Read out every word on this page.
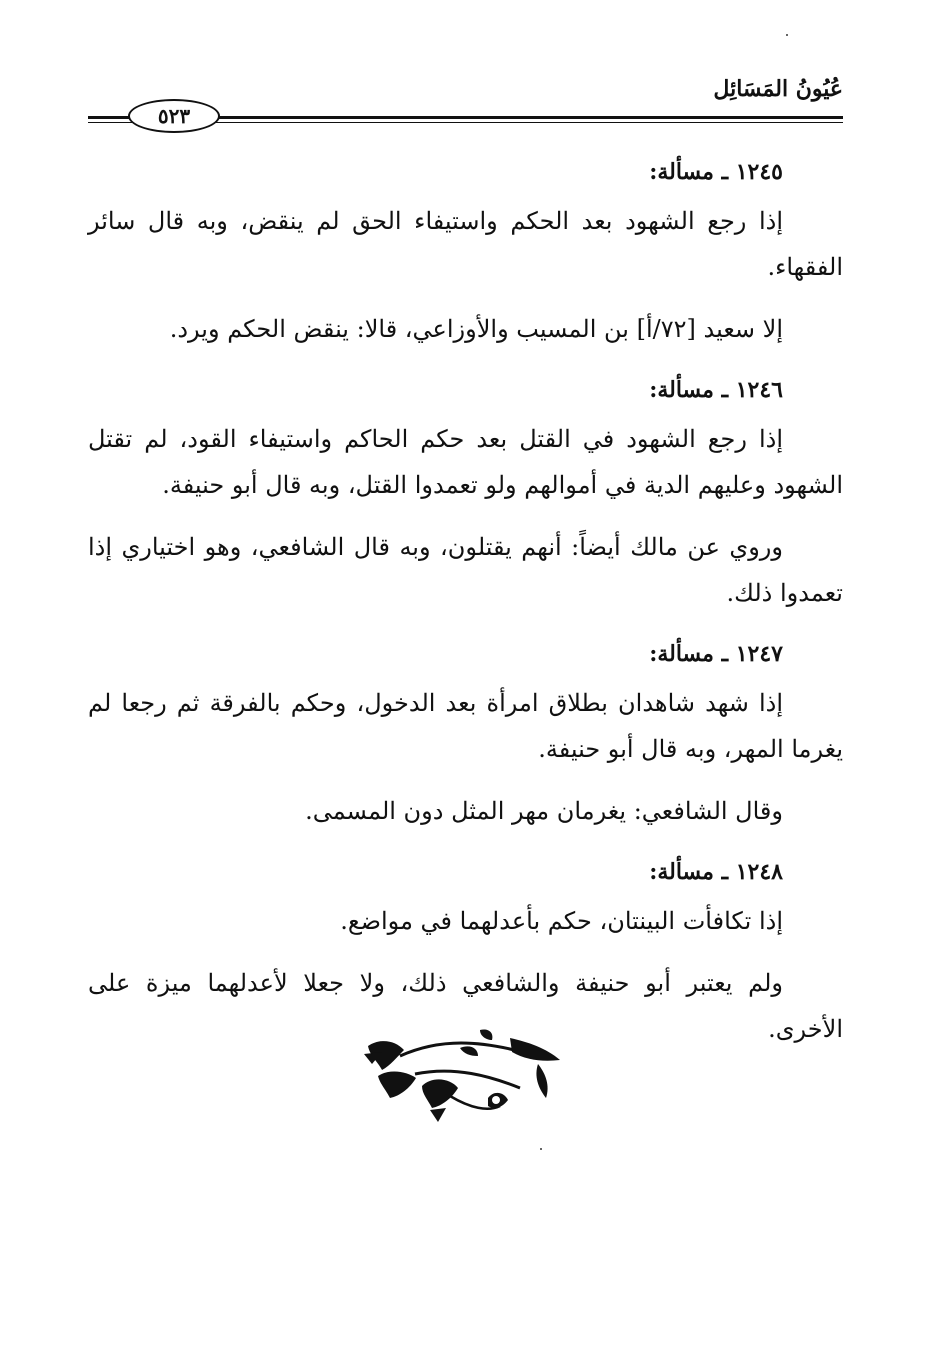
عُيُونُ المَسَائِل
٥٢٣

١٢٤٥ ـ مسألة:

إذا رجع الشهود بعد الحكم واستيفاء الحق لم ينقض، وبه قال سائر الفقهاء.

إلا سعيد [٧٢/أ] بن المسيب والأوزاعي، قالا: ينقض الحكم ويرد.

١٢٤٦ ـ مسألة:

إذا رجع الشهود في القتل بعد حكم الحاكم واستيفاء القود، لم تقتل الشهود وعليهم الدية في أموالهم ولو تعمدوا القتل، وبه قال أبو حنيفة.

وروي عن مالك أيضاً: أنهم يقتلون، وبه قال الشافعي، وهو اختياري إذا تعمدوا ذلك.

١٢٤٧ ـ مسألة:

إذا شهد شاهدان بطلاق امرأة بعد الدخول، وحكم بالفرقة ثم رجعا لم يغرما المهر، وبه قال أبو حنيفة.

وقال الشافعي: يغرمان مهر المثل دون المسمى.

١٢٤٨ ـ مسألة:

إذا تكافأت البينتان، حكم بأعدلهما في مواضع.

ولم يعتبر أبو حنيفة والشافعي ذلك، ولا جعلا لأعدلهما ميزة على الأخرى.
